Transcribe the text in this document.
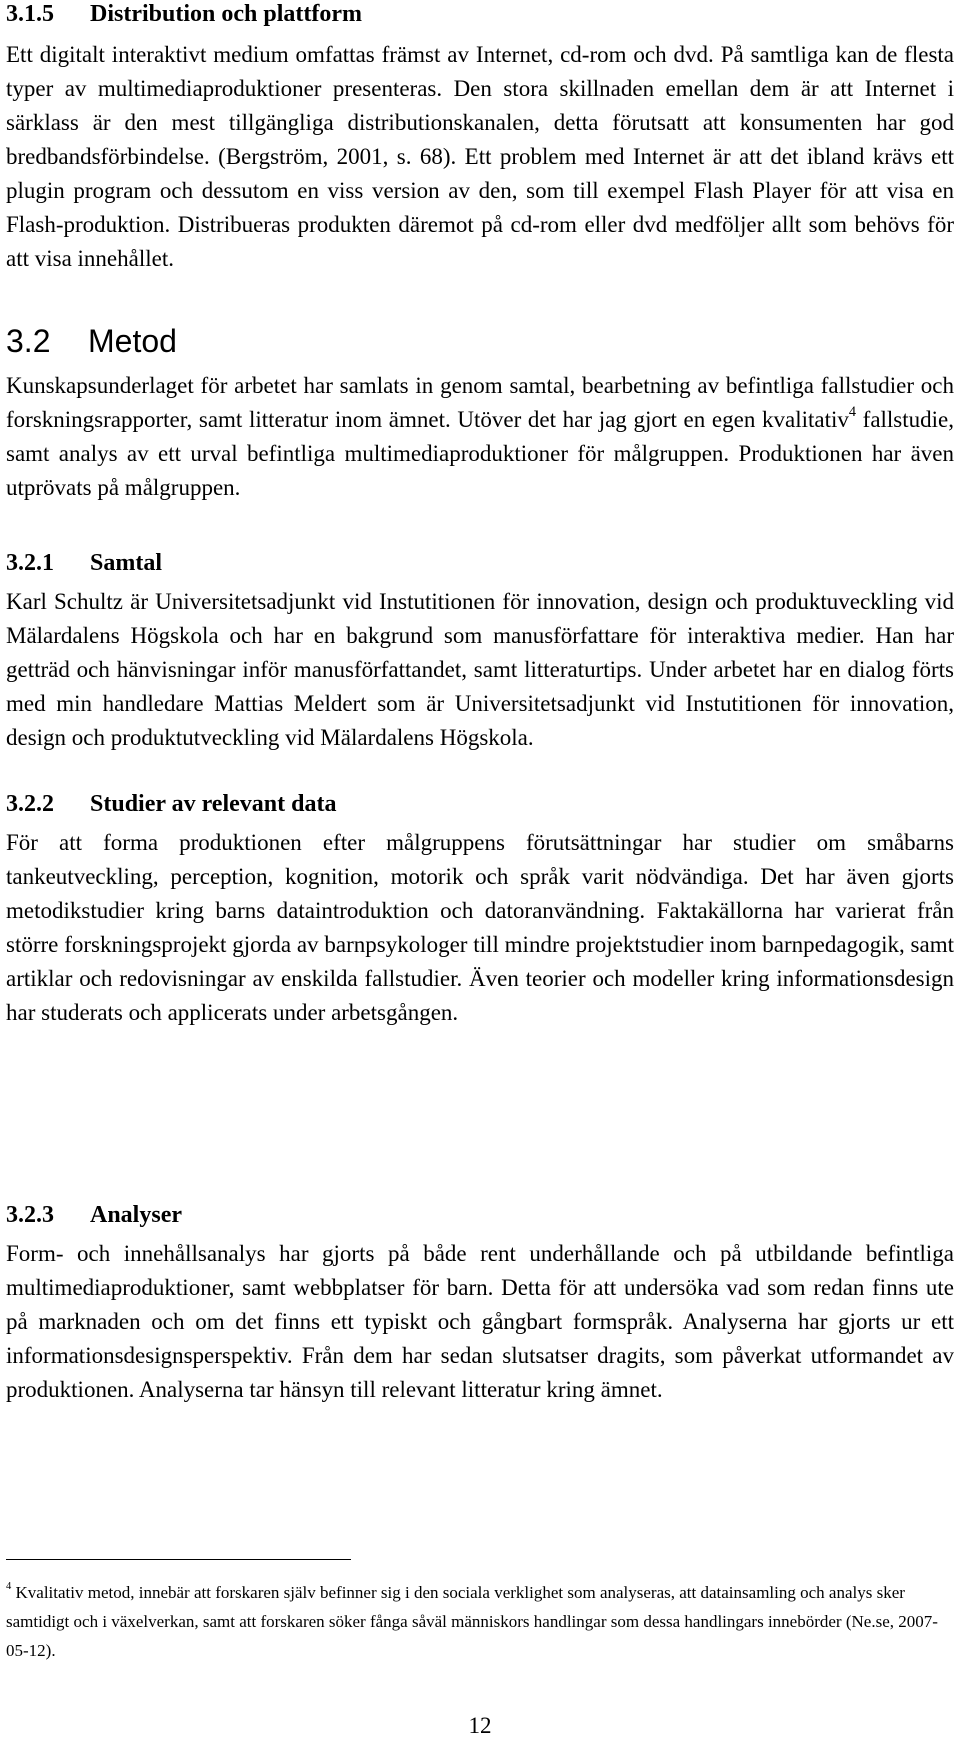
3.1.5 Distribution och plattform

Ett digitalt interaktivt medium omfattas främst av Internet, cd-rom och dvd. På samtliga kan de flesta typer av multimediaproduktioner presenteras. Den stora skillnaden emellan dem är att Internet i särklass är den mest tillgängliga distributionskanalen, detta förutsatt att konsumenten har god bredbandsförbindelse. (Bergström, 2001, s. 68). Ett problem med Internet är att det ibland krävs ett plugin program och dessutom en viss version av den, som till exempel Flash Player för att visa en Flash-produktion. Distribueras produkten däremot på cd-rom eller dvd medföljer allt som behövs för att visa innehållet.

3.2 Metod

Kunskapsunderlaget för arbetet har samlats in genom samtal, bearbetning av befintliga fallstudier och forskningsrapporter, samt litteratur inom ämnet. Utöver det har jag gjort en egen kvalitativ$^4$ fallstudie, samt analys av ett urval befintliga multimediaproduktioner för målgruppen. Produktionen har även utprövats på målgruppen.

3.2.1 Samtal

Karl Schultz är Universitetsadjunkt vid Instutitionen för innovation, design och produktuveckling vid Mälardalens Högskola och har en bakgrund som manusförfattare för interaktiva medier. Han har getträd och hänvisningar inför manusförfattandet, samt litteraturtips. Under arbetet har en dialog förts med min handledare Mattias Meldert som är Universitetsadjunkt vid Instutitionen för innovation, design och produktutveckling vid Mälardalens Högskola.

3.2.2 Studier av relevant data

För att forma produktionen efter målgruppens förutsättningar har studier om småbarns tankeutveckling, perception, kognition, motorik och språk varit nödvändiga. Det har även gjorts metodikstudier kring barns dataintroduktion och datoranvändning. Faktakällorna har varierat från större forskningsprojekt gjorda av barnpsykologer till mindre projektstudier inom barnpedagogik, samt artiklar och redovisningar av enskilda fallstudier. Även teorier och modeller kring informationsdesign har studerats och applicerats under arbetsgången.

3.2.3 Analyser

Form- och innehållsanalys har gjorts på både rent underhållande och på utbildande befintliga multimediaproduktioner, samt webbplatser för barn. Detta för att undersöka vad som redan finns ute på marknaden och om det finns ett typiskt och gångbart formspråk. Analyserna har gjorts ur ett informationsdesignsperspektiv. Från dem har sedan slutsatser dragits, som påverkat utformandet av produktionen. Analyserna tar hänsyn till relevant litteratur kring ämnet.

$^4$ Kvalitativ metod, innebär att forskaren själv befinner sig i den sociala verklighet som analyseras, att datainsamling och analys sker samtidigt och i växelverkan, samt att forskaren söker fånga såväl människors handlingar som dessa handlingars innebörder (Ne.se, 2007-05-12).

12
